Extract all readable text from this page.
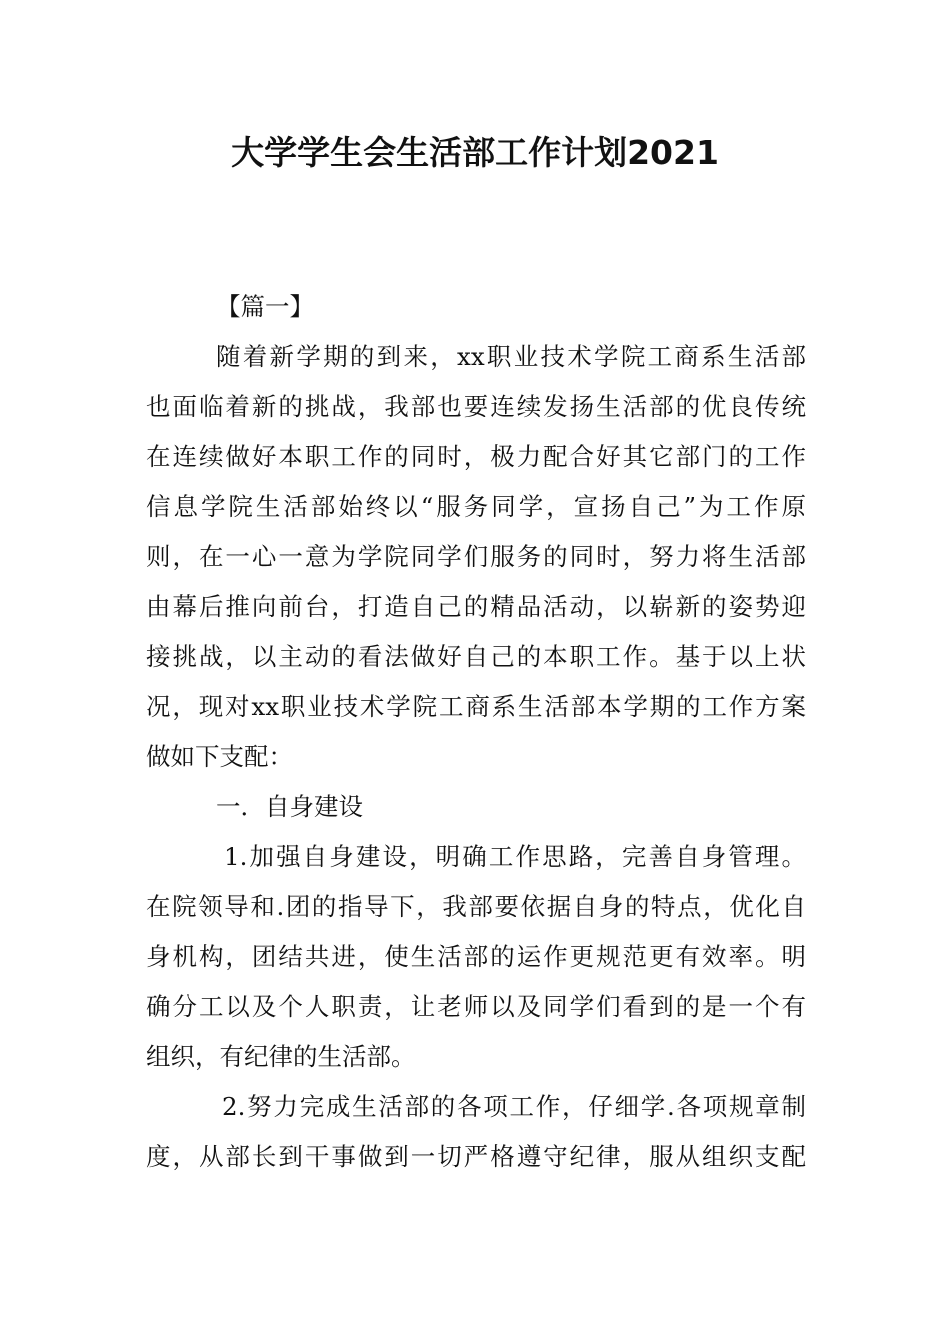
大学学生会生活部工作计划2021
【篇一】
随着新学期的到来，xx职业技术学院工商系生活部
也面临着新的挑战，我部也要连续发扬生活部的优良传统
在连续做好本职工作的同时，极力配合好其它部门的工作
信息学院生活部始终以“服务同学，宣扬自己”为工作原
则，在一心一意为学院同学们服务的同时，努力将生活部
由幕后推向前台，打造自己的精品活动，以崭新的姿势迎
接挑战，以主动的看法做好自己的本职工作。基于以上状
况，现对xx职业技术学院工商系生活部本学期的工作方案
做如下支配：
一．自身建设
1.加强自身建设，明确工作思路，完善自身管理。
在院领导和.团的指导下，我部要依据自身的特点，优化自
身机构，团结共进，使生活部的运作更规范更有效率。明
确分工以及个人职责，让老师以及同学们看到的是一个有
组织，有纪律的生活部。
2.努力完成生活部的各项工作，仔细学.各项规章制
度，从部长到干事做到一切严格遵守纪律，服从组织支配
